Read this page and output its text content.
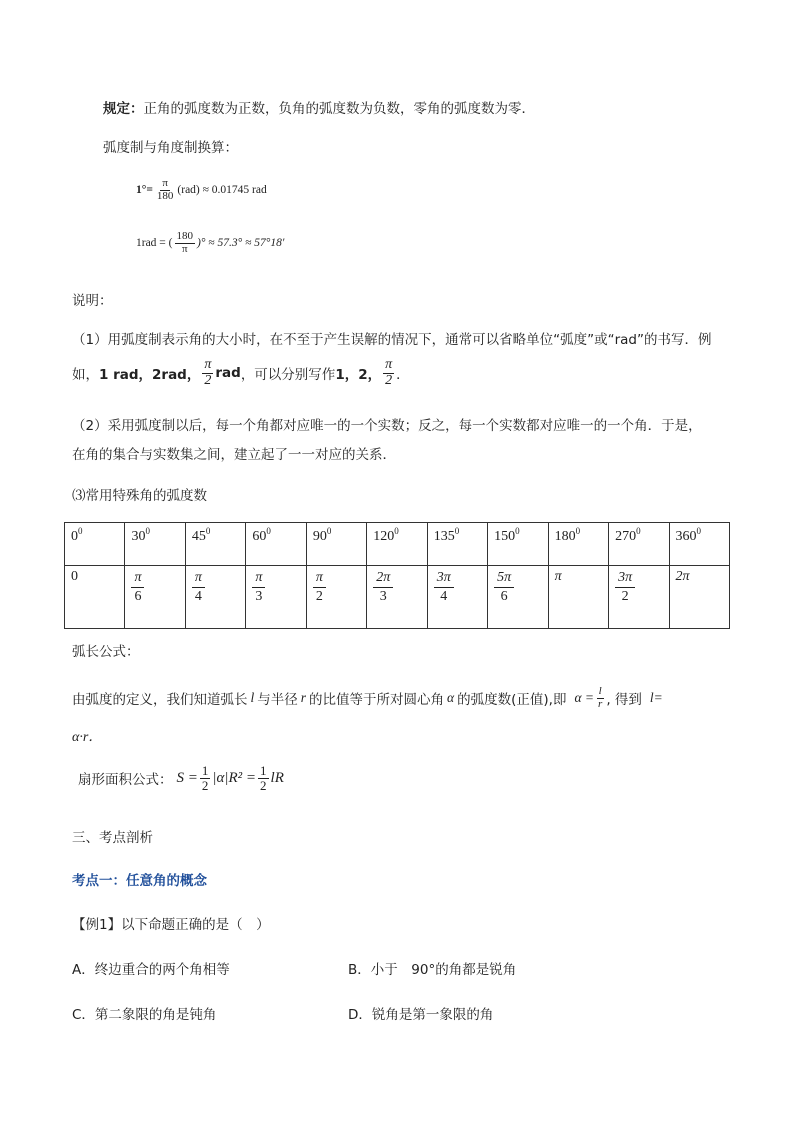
规定：正角的弧度数为正数，负角的弧度数为负数，零角的弧度数为零．
弧度制与角度制换算：
$1^\circ= \frac{\pi}{180} (rad) \approx 0.01745$ rad
1rad = ( $\frac{180}{\pi}$ )° ≈ 57.3° ≈ 57°18′
说明：
（1）用弧度制表示角的大小时，在不至于产生误解的情况下，通常可以省略单位“弧度”或“rad”的书写．例
如， 1 rad，2rad， $\frac{\pi}{2}$ rad ，可以分别写作 1，2， $\frac{\pi}{2}$ ．
（2）采用弧度制以后，每一个角都对应唯一的一个实数；反之，每一个实数都对应唯一的一个角．于是，
在角的集合与实数集之间，建立起了一一对应的关系．
⑶常用特殊角的弧度数
$0^0$	$30^0$	$45^0$	$60^0$	$90^0$	$120^0$	$135^0$	$150^0$	$180^0$	$270^0$	$360^0$
0	$\frac{\pi}{6}$	$\frac{\pi}{4}$	$\frac{\pi}{3}$	$\frac{\pi}{2}$	$\frac{2\pi}{3}$	$\frac{3\pi}{4}$	$\frac{5\pi}{6}$	π	$\frac{3\pi}{2}$	2π
弧长公式：
由弧度的定义，我们知道弧长 l 与半径 r 的比值等于所对圆心角 α 的弧度数(正值),即 $\alpha = \frac{l}{r}$ , 得到 l=
α·r．
扇形面积公式： $S = \frac{1}{2} |\alpha|R^2 = \frac{1}{2}$ lR
三、考点剖析
考点一：任意角的概念
【例1】以下命题正确的是（　）
A．终边重合的两个角相等	B．小于　90°的角都是锐角
C．第二象限的角是钝角	D．锐角是第一象限的角
